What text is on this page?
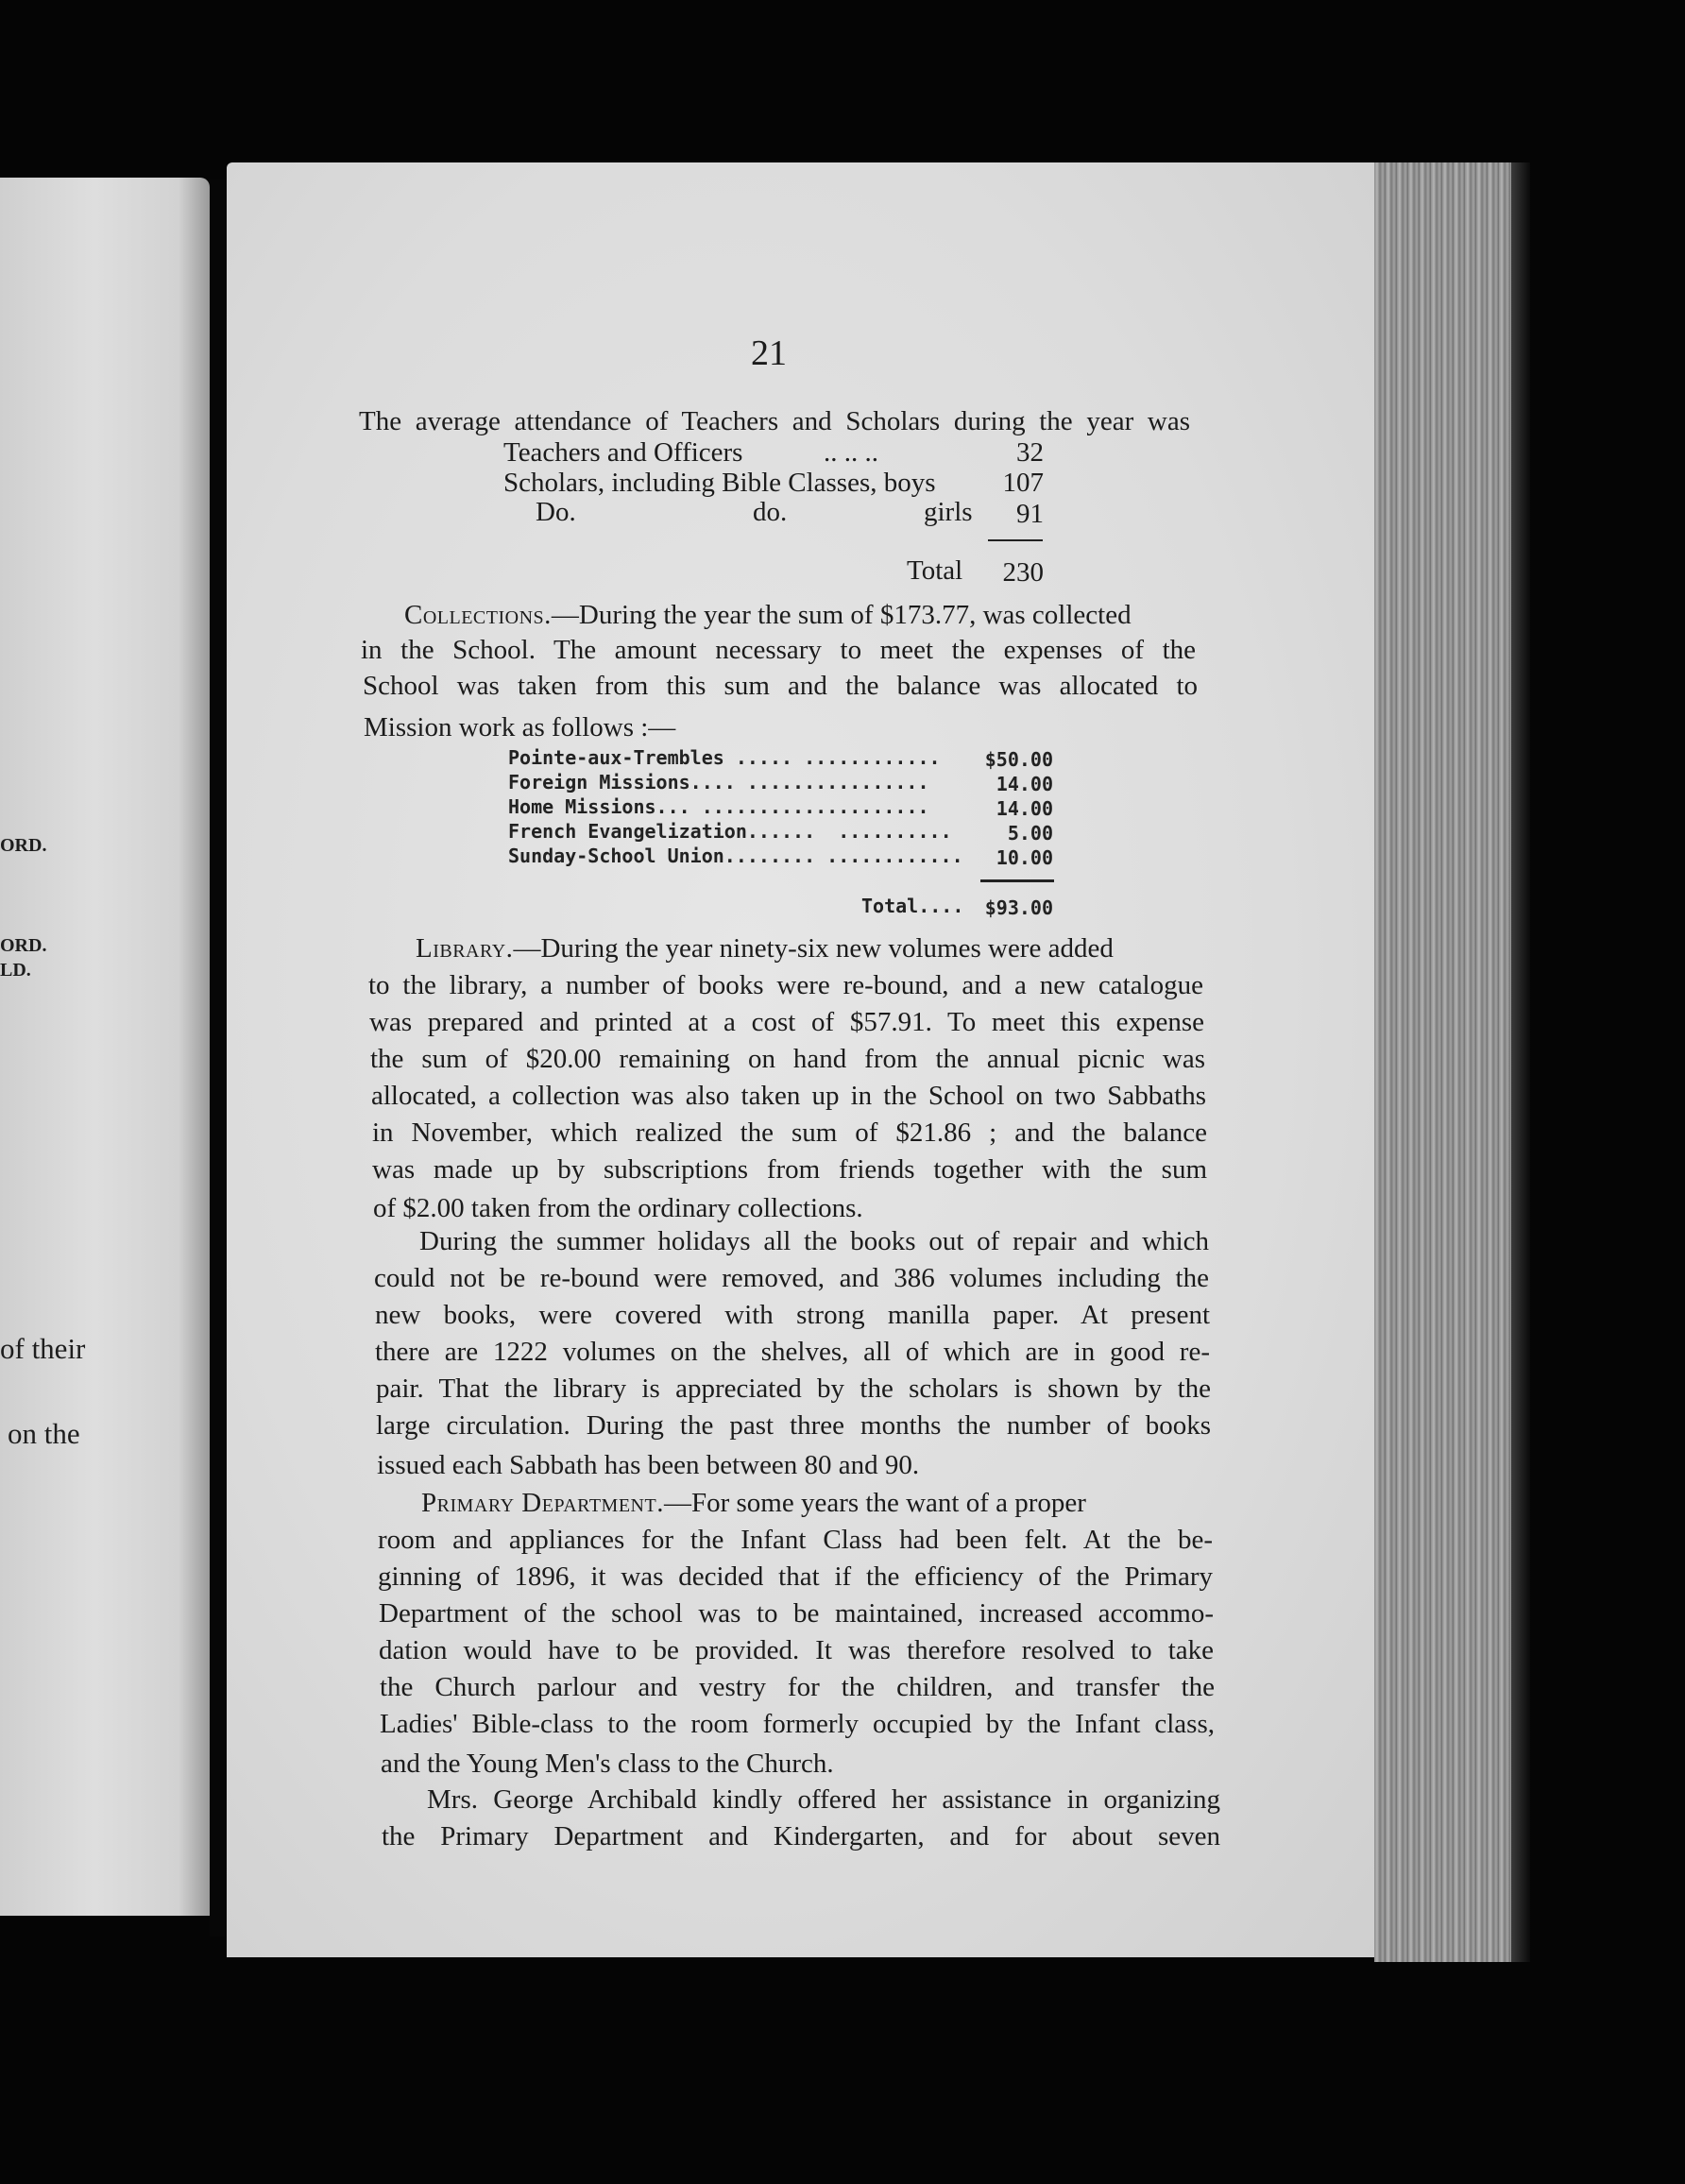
ORD.
ORD.
LD.
of their
on the
21
The average attendance of Teachers and Scholars during the year was
Teachers and Officers	.. .. ..	32
Scholars, including Bible Classes, boys 107
Do.	do.	girls 91
Total	230
Collections.—During the year the sum of $173.77, was collected
in the School. The amount necessary to meet the expenses of the
School was taken from this sum and the balance was allocated to
Mission work as follows :—
Pointe-aux-Trembles ..... ............	$50.00
Foreign Missions.... ................	14.00
Home Missions... ....................	14.00
French Evangelization......  ..........	5.00
Sunday-School Union........ ............	10.00
Total....	$93.00
Library.—During the year ninety-six new volumes were added
to the library, a number of books were re-bound, and a new catalogue
was prepared and printed at a cost of $57.91. To meet this expense
the sum of $20.00 remaining on hand from the annual picnic was
allocated, a collection was also taken up in the School on two Sabbaths
in November, which realized the sum of $21.86 ; and the balance
was made up by subscriptions from friends together with the sum
of $2.00 taken from the ordinary collections.
During the summer holidays all the books out of repair and which
could not be re-bound were removed, and 386 volumes including the
new books, were covered with strong manilla paper. At present
there are 1222 volumes on the shelves, all of which are in good re-
pair. That the library is appreciated by the scholars is shown by the
large circulation. During the past three months the number of books
issued each Sabbath has been between 80 and 90.
Primary Department.—For some years the want of a proper
room and appliances for the Infant Class had been felt. At the be-
ginning of 1896, it was decided that if the efficiency of the Primary
Department of the school was to be maintained, increased accommo-
dation would have to be provided. It was therefore resolved to take
the Church parlour and vestry for the children, and transfer the
Ladies' Bible-class to the room formerly occupied by the Infant class,
and the Young Men's class to the Church.
Mrs. George Archibald kindly offered her assistance in organizing
the Primary Department and Kindergarten, and for about seven
